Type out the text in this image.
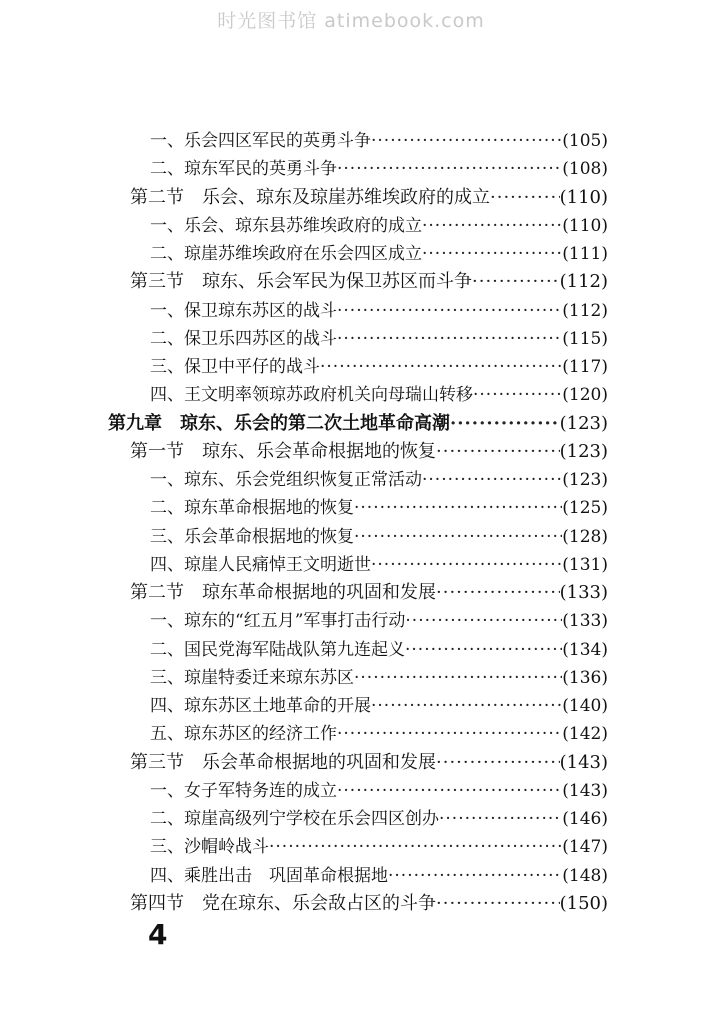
时光图书馆 atimebook.com
一、乐会四区军民的英勇斗争 ·····	(105)
二、琼东军民的英勇斗争 ·····	(108)
第二节　乐会、琼东及琼崖苏维埃政府的成立 ·····	(110)
一、乐会、琼东县苏维埃政府的成立 ·····	(110)
二、琼崖苏维埃政府在乐会四区成立 ·····	(111)
第三节　琼东、乐会军民为保卫苏区而斗争 ·····	(112)
一、保卫琼东苏区的战斗 ·····	(112)
二、保卫乐四苏区的战斗 ·····	(115)
三、保卫中平仔的战斗 ·····	(117)
四、王文明率领琼苏政府机关向母瑞山转移 ·····	(120)
第九章　琼东、乐会的第二次土地革命高潮 ·····	(123)
第一节　琼东、乐会革命根据地的恢复 ·····	(123)
一、琼东、乐会党组织恢复正常活动 ·····	(123)
二、琼东革命根据地的恢复 ·····	(125)
三、乐会革命根据地的恢复 ·····	(128)
四、琼崖人民痛悼王文明逝世 ·····	(131)
第二节　琼东革命根据地的巩固和发展 ·····	(133)
一、琼东的“红五月”军事打击行动 ·····	(133)
二、国民党海军陆战队第九连起义 ·····	(134)
三、琼崖特委迁来琼东苏区 ·····	(136)
四、琼东苏区土地革命的开展 ·····	(140)
五、琼东苏区的经济工作 ·····	(142)
第三节　乐会革命根据地的巩固和发展 ·····	(143)
一、女子军特务连的成立 ·····	(143)
二、琼崖高级列宁学校在乐会四区创办 ·····	(146)
三、沙帽岭战斗 ·····	(147)
四、乘胜出击　巩固革命根据地 ·····	(148)
第四节　党在琼东、乐会敌占区的斗争 ·····	(150)
4
